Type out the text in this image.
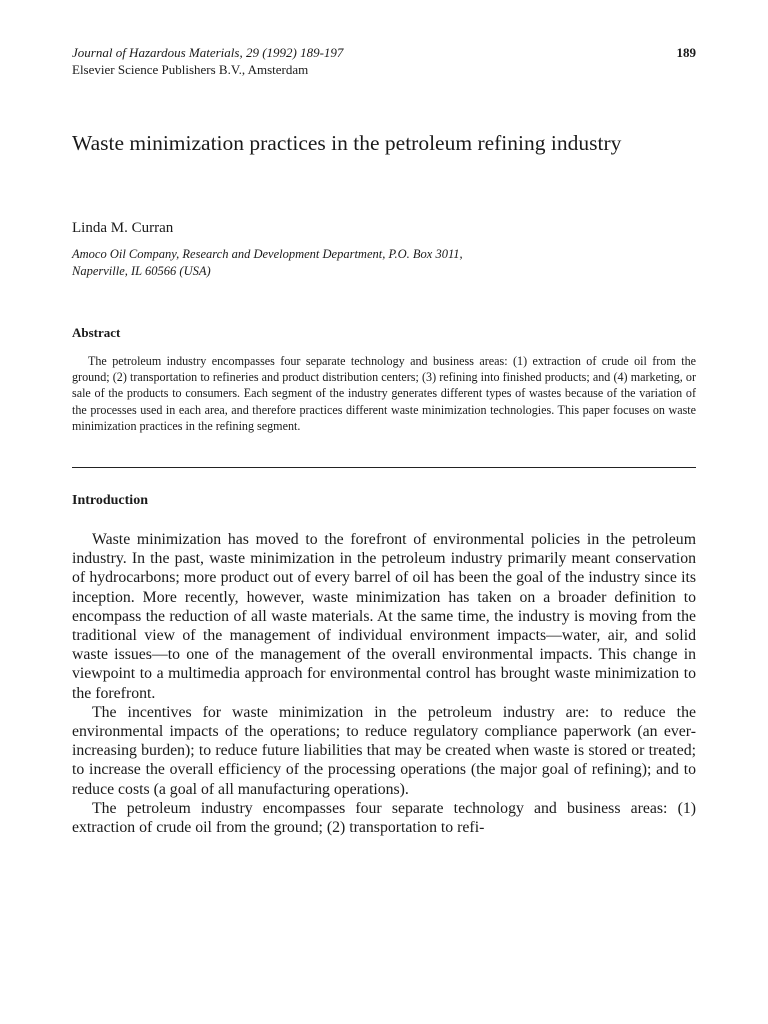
Journal of Hazardous Materials, 29 (1992) 189-197	189
Elsevier Science Publishers B.V., Amsterdam
Waste minimization practices in the petroleum refining industry
Linda M. Curran
Amoco Oil Company, Research and Development Department, P.O. Box 3011,
Naperville, IL 60566 (USA)
Abstract

The petroleum industry encompasses four separate technology and business areas: (1) extraction of crude oil from the ground; (2) transportation to refineries and product distribution centers; (3) refining into finished products; and (4) marketing, or sale of the products to consumers. Each segment of the industry generates different types of wastes because of the variation of the processes used in each area, and therefore practices different waste minimization technologies. This paper focuses on waste minimization practices in the refining segment.

Introduction

Waste minimization has moved to the forefront of environmental policies in the petroleum industry. In the past, waste minimization in the petroleum industry primarily meant conservation of hydrocarbons; more product out of every barrel of oil has been the goal of the industry since its inception. More recently, however, waste minimization has taken on a broader definition to encompass the reduction of all waste materials. At the same time, the industry is moving from the traditional view of the management of individual environment impacts—water, air, and solid waste issues—to one of the management of the overall environmental impacts. This change in viewpoint to a multimedia approach for environmental control has brought waste minimization to the forefront.

The incentives for waste minimization in the petroleum industry are: to reduce the environmental impacts of the operations; to reduce regulatory compliance paperwork (an ever-increasing burden); to reduce future liabilities that may be created when waste is stored or treated; to increase the overall efficiency of the processing operations (the major goal of refining); and to reduce costs (a goal of all manufacturing operations).

The petroleum industry encompasses four separate technology and business areas: (1) extraction of crude oil from the ground; (2) transportation to refi-
